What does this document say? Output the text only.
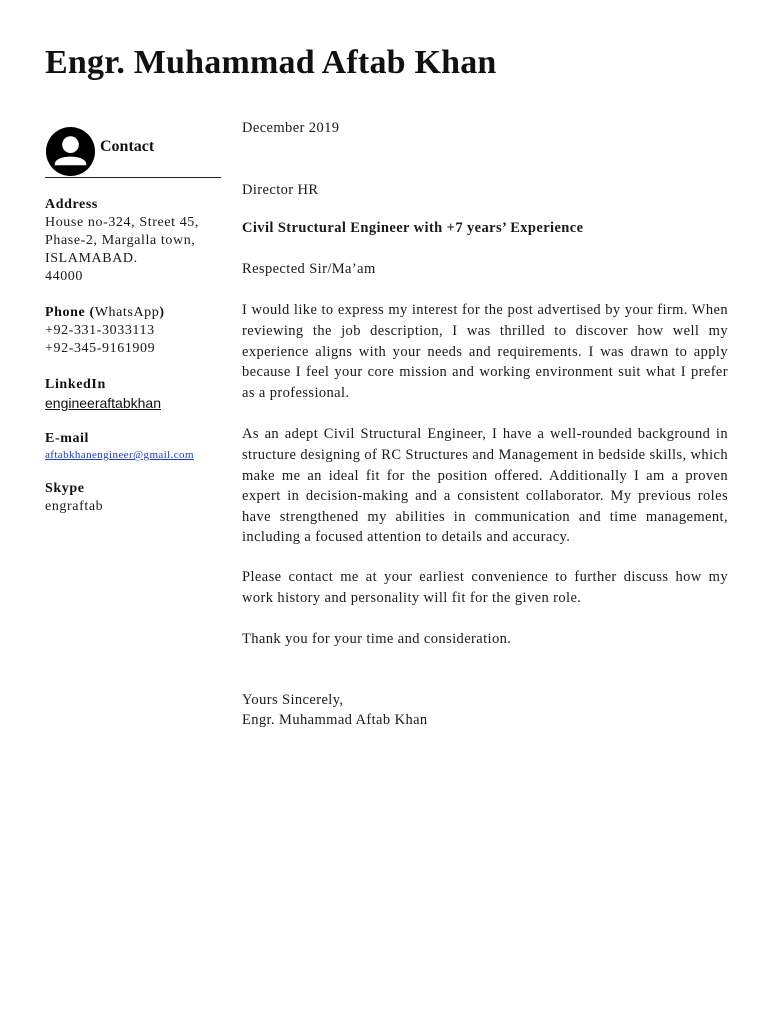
Engr. Muhammad Aftab Khan
Contact
Address
House no-324, Street 45,
Phase-2, Margalla town,
ISLAMABAD.
44000
Phone (WhatsApp)
+92-331-3033113
+92-345-9161909
LinkedIn
engineeraftabkhan
E-mail
aftabkhanengineer@gmail.com
Skype
engraftab

December 2019

Director HR

Civil Structural Engineer with +7 years’ Experience

Respected Sir/Ma’am

I would like to express my interest for the post advertised by your firm. When reviewing the job description, I was thrilled to discover how well my experience aligns with your needs and requirements. I was drawn to apply because I feel your core mission and working environment suit what I prefer as a professional.

As an adept Civil Structural Engineer, I have a well-rounded background in structure designing of RC Structures and Management in bedside skills, which make me an ideal fit for the position offered. Additionally I am a proven expert in decision-making and a consistent collaborator. My previous roles have strengthened my abilities in communication and time management, including a focused attention to details and accuracy.

Please contact me at your earliest convenience to further discuss how my work history and personality will fit for the given role.

Thank you for your time and consideration.

Yours Sincerely,

Engr. Muhammad Aftab Khan
